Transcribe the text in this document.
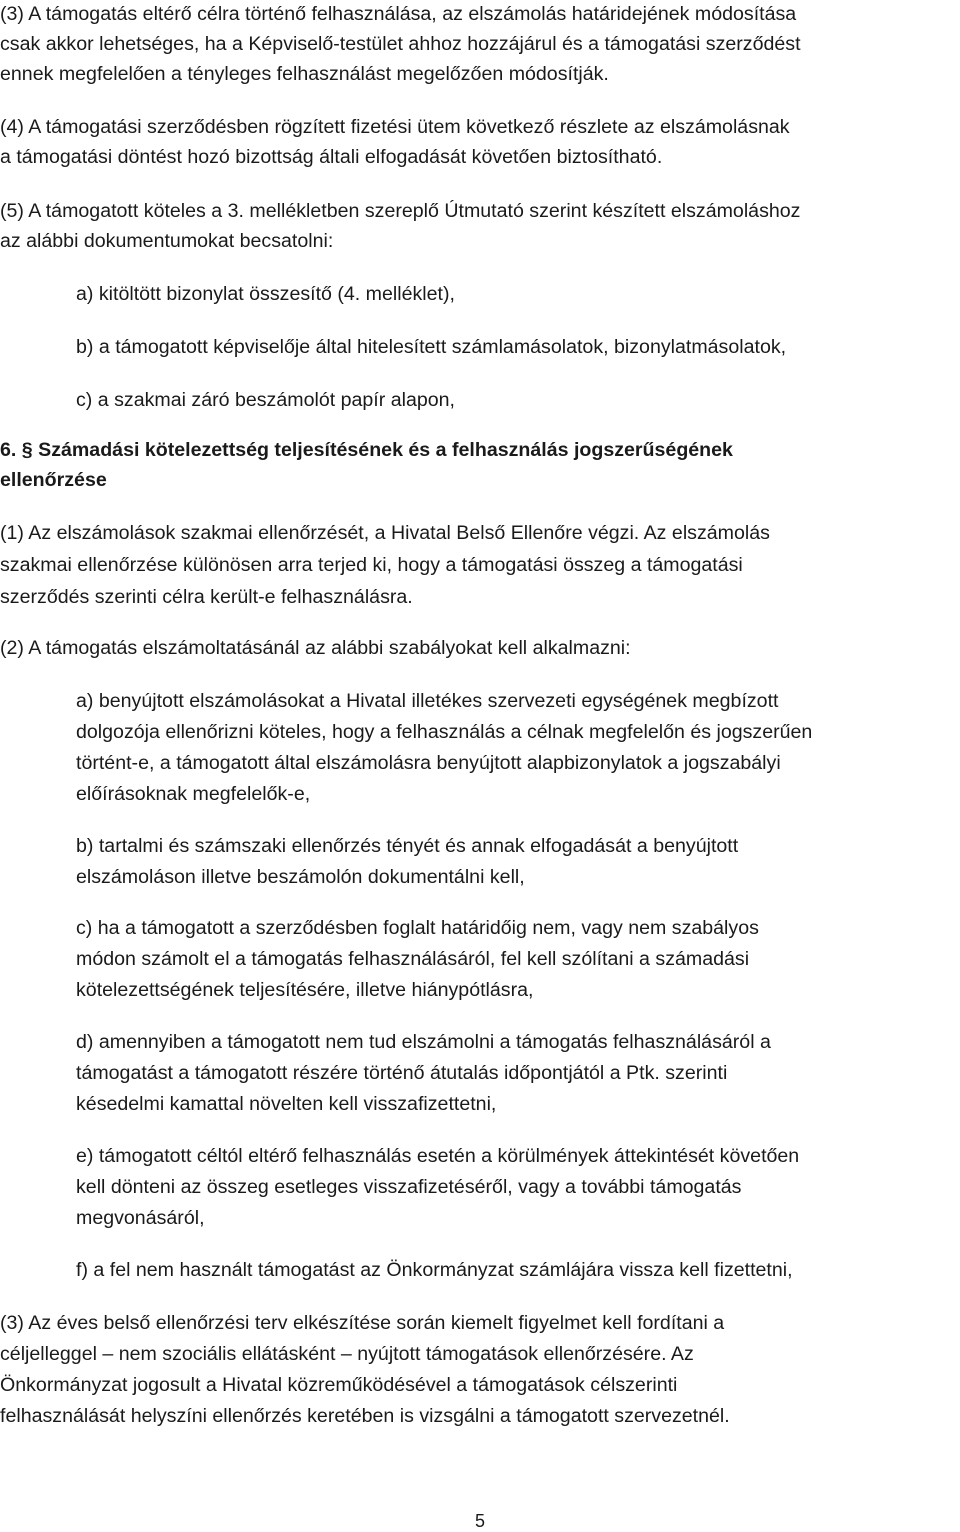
(3) A támogatás eltérő célra történő felhasználása, az elszámolás határidejének módosítása
csak akkor lehetséges, ha a Képviselő-testület ahhoz hozzájárul és a támogatási szerződést
ennek megfelelően a tényleges felhasználást megelőzően módosítják.
(4) A támogatási szerződésben rögzített fizetési ütem következő részlete az elszámolásnak
a támogatási döntést hozó bizottság általi elfogadását követően biztosítható.
(5) A támogatott köteles a 3. mellékletben szereplő Útmutató szerint készített elszámoláshoz
az alábbi dokumentumokat becsatolni:
a) kitöltött bizonylat összesítő (4. melléklet),
b) a támogatott képviselője által hitelesített számlamásolatok, bizonylatmásolatok,
c) a szakmai záró beszámolót papír alapon,
6. § Számadási kötelezettség teljesítésének és a felhasználás jogszerűségének
ellenőrzése
(1) Az elszámolások szakmai ellenőrzését, a Hivatal Belső Ellenőre végzi. Az elszámolás
szakmai ellenőrzése különösen arra terjed ki, hogy a támogatási összeg a támogatási
szerződés szerinti célra került-e felhasználásra.
(2) A támogatás elszámoltatásánál az alábbi szabályokat kell alkalmazni:
a) benyújtott elszámolásokat a Hivatal illetékes szervezeti egységének megbízott
dolgozója ellenőrizni köteles, hogy a felhasználás a célnak megfelelőn és jogszerűen
történt-e, a támogatott által elszámolásra benyújtott alapbizonylatok a jogszabályi
előírásoknak megfelelők-e,
b) tartalmi és számszaki ellenőrzés tényét és annak elfogadását a benyújtott
elszámoláson illetve beszámolón dokumentálni kell,
c) ha a támogatott a szerződésben foglalt határidőig nem, vagy nem szabályos
módon számolt el a támogatás felhasználásáról, fel kell szólítani a számadási
kötelezettségének teljesítésére, illetve hiánypótlásra,
d) amennyiben a támogatott nem tud elszámolni a támogatás felhasználásáról a
támogatást a támogatott részére történő átutalás időpontjától a Ptk. szerinti
késedelmi kamattal növelten kell visszafizettetni,
e) támogatott céltól eltérő felhasználás esetén a körülmények áttekintését követően
kell dönteni az összeg esetleges visszafizetéséről, vagy a további támogatás
megvonásáról,
f) a fel nem használt támogatást az Önkormányzat számlájára vissza kell fizettetni,
(3) Az éves belső ellenőrzési terv elkészítése során kiemelt figyelmet kell fordítani a
céljelleggel – nem szociális ellátásként – nyújtott támogatások ellenőrzésére. Az
Önkormányzat jogosult a Hivatal közreműködésével a támogatások célszerinti
felhasználását helyszíni ellenőrzés keretében is vizsgálni a támogatott szervezetnél.
5
